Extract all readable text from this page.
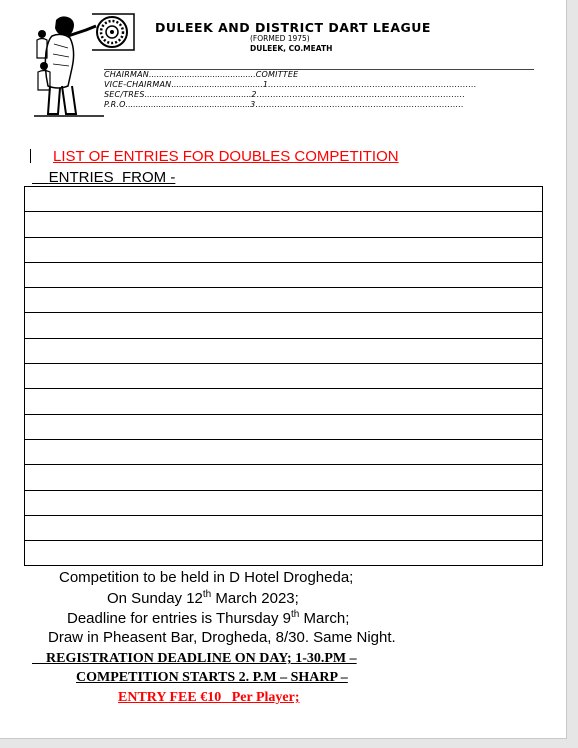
DULEEK AND DISTRICT DART LEAGUE
(FORMED 1975)
DULEEK, CO.MEATH
CHAIRMAN..........................................COMITTEE
VICE-CHAIRMAN....................................1............................................................................
SEC/TRES..........................................2............................................................................
P.R.O.................................................3............................................................................
LIST OF ENTRIES FOR DOUBLES COMPETITION
ENTRIES  FROM -

Competition to be held in D Hotel Drogheda;
On Sunday 12th March 2023;
Deadline for entries is Thursday 9th March;
Draw in Pheasent Bar, Drogheda, 8/30. Same Night.
REGISTRATION DEADLINE ON DAY; 1-30.PM –
COMPETITION STARTS 2. P.M – SHARP –
ENTRY FEE €10   Per Player;
